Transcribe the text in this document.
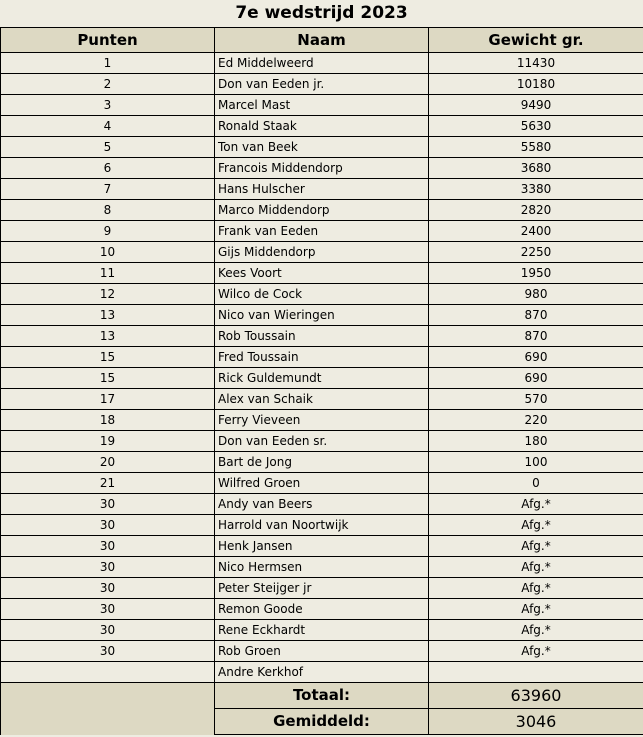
7e wedstrijd 2023
Punten	Naam	Gewicht gr.
1	Ed Middelweerd	11430
2	Don van Eeden jr.	10180
3	Marcel Mast	9490
4	Ronald Staak	5630
5	Ton van Beek	5580
6	Francois Middendorp	3680
7	Hans Hulscher	3380
8	Marco Middendorp	2820
9	Frank van Eeden	2400
10	Gijs Middendorp	2250
11	Kees Voort	1950
12	Wilco de Cock	980
13	Nico van Wieringen	870
13	Rob Toussain	870
15	Fred Toussain	690
15	Rick Guldemundt	690
17	Alex van Schaik	570
18	Ferry Vieveen	220
19	Don van Eeden sr.	180
20	Bart de Jong	100
21	Wilfred Groen	0
30	Andy van Beers	Afg.*
30	Harrold van Noortwijk	Afg.*
30	Henk Jansen	Afg.*
30	Nico Hermsen	Afg.*
30	Peter Steijger jr	Afg.*
30	Remon Goode	Afg.*
30	Rene Eckhardt	Afg.*
30	Rob Groen	Afg.*
	Andre Kerkhof	
	Totaal:	63960
	Gemiddeld:	3046
